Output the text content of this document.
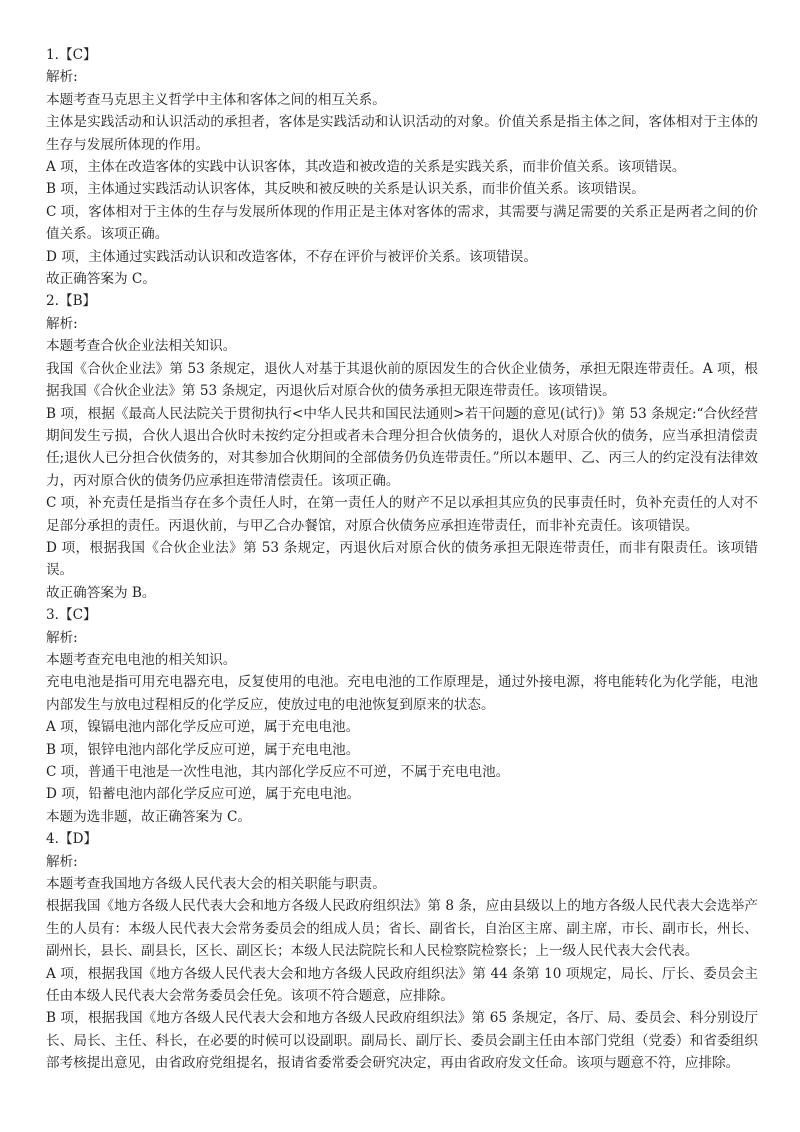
1.【C】

解析:

本题考查马克思主义哲学中主体和客体之间的相互关系。

主体是实践活动和认识活动的承担者，客体是实践活动和认识活动的对象。价值关系是指主体之间，客体相对于主体的生存与发展所体现的作用。

A 项，主体在改造客体的实践中认识客体，其改造和被改造的关系是实践关系，而非价值关系。该项错误。

B 项，主体通过实践活动认识客体，其反映和被反映的关系是认识关系，而非价值关系。该项错误。

C 项，客体相对于主体的生存与发展所体现的作用正是主体对客体的需求，其需要与满足需要的关系正是两者之间的价值关系。该项正确。

D 项，主体通过实践活动认识和改造客体，不存在评价与被评价关系。该项错误。

故正确答案为 C。

2.【B】

解析:

本题考查合伙企业法相关知识。

我国《合伙企业法》第 53 条规定，退伙人对基于其退伙前的原因发生的合伙企业债务，承担无限连带责任。A 项，根据我国《合伙企业法》第 53 条规定，丙退伙后对原合伙的债务承担无限连带责任。该项错误。

B 项，根据《最高人民法院关于贯彻执行<中华人民共和国民法通则>若干问题的意见(试行)》第 53 条规定:“合伙经营期间发生亏损，合伙人退出合伙时未按约定分担或者未合理分担合伙债务的，退伙人对原合伙的债务，应当承担清偿责任;退伙人已分担合伙债务的，对其参加合伙期间的全部债务仍负连带责任。”所以本题甲、乙、丙三人的约定没有法律效力，丙对原合伙的债务仍应承担连带清偿责任。该项正确。

C 项，补充责任是指当存在多个责任人时，在第一责任人的财产不足以承担其应负的民事责任时，负补充责任的人对不足部分承担的责任。丙退伙前，与甲乙合办餐馆，对原合伙债务应承担连带责任，而非补充责任。该项错误。

D 项，根据我国《合伙企业法》第 53 条规定，丙退伙后对原合伙的债务承担无限连带责任，而非有限责任。该项错误。

故正确答案为 B。

3.【C】

解析:

本题考查充电电池的相关知识。

充电电池是指可用充电器充电，反复使用的电池。充电电池的工作原理是，通过外接电源，将电能转化为化学能，电池内部发生与放电过程相反的化学反应，使放过电的电池恢复到原来的状态。

A 项，镍镉电池内部化学反应可逆，属于充电电池。

B 项，银锌电池内部化学反应可逆，属于充电电池。

C 项，普通干电池是一次性电池，其内部化学反应不可逆，不属于充电电池。

D 项，铅蓄电池内部化学反应可逆，属于充电电池。

本题为选非题，故正确答案为 C。

4.【D】

解析:

本题考查我国地方各级人民代表大会的相关职能与职责。

根据我国《地方各级人民代表大会和地方各级人民政府组织法》第 8 条，应由县级以上的地方各级人民代表大会选举产生的人员有：本级人民代表大会常务委员会的组成人员；省长、副省长，自治区主席、副主席，市长、副市长，州长、副州长，县长、副县长，区长、副区长；本级人民法院院长和人民检察院检察长；上一级人民代表大会代表。

A 项，根据我国《地方各级人民代表大会和地方各级人民政府组织法》第 44 条第 10 项规定，局长、厅长、委员会主任由本级人民代表大会常务委员会任免。该项不符合题意，应排除。

B 项，根据我国《地方各级人民代表大会和地方各级人民政府组织法》第 65 条规定，各厅、局、委员会、科分别设厅长、局长、主任、科长，在必要的时候可以设副职。副局长、副厅长、委员会副主任由本部门党组（党委）和省委组织部考核提出意见，由省政府党组提名，报请省委常委会研究决定，再由省政府发文任命。该项与题意不符，应排除。
